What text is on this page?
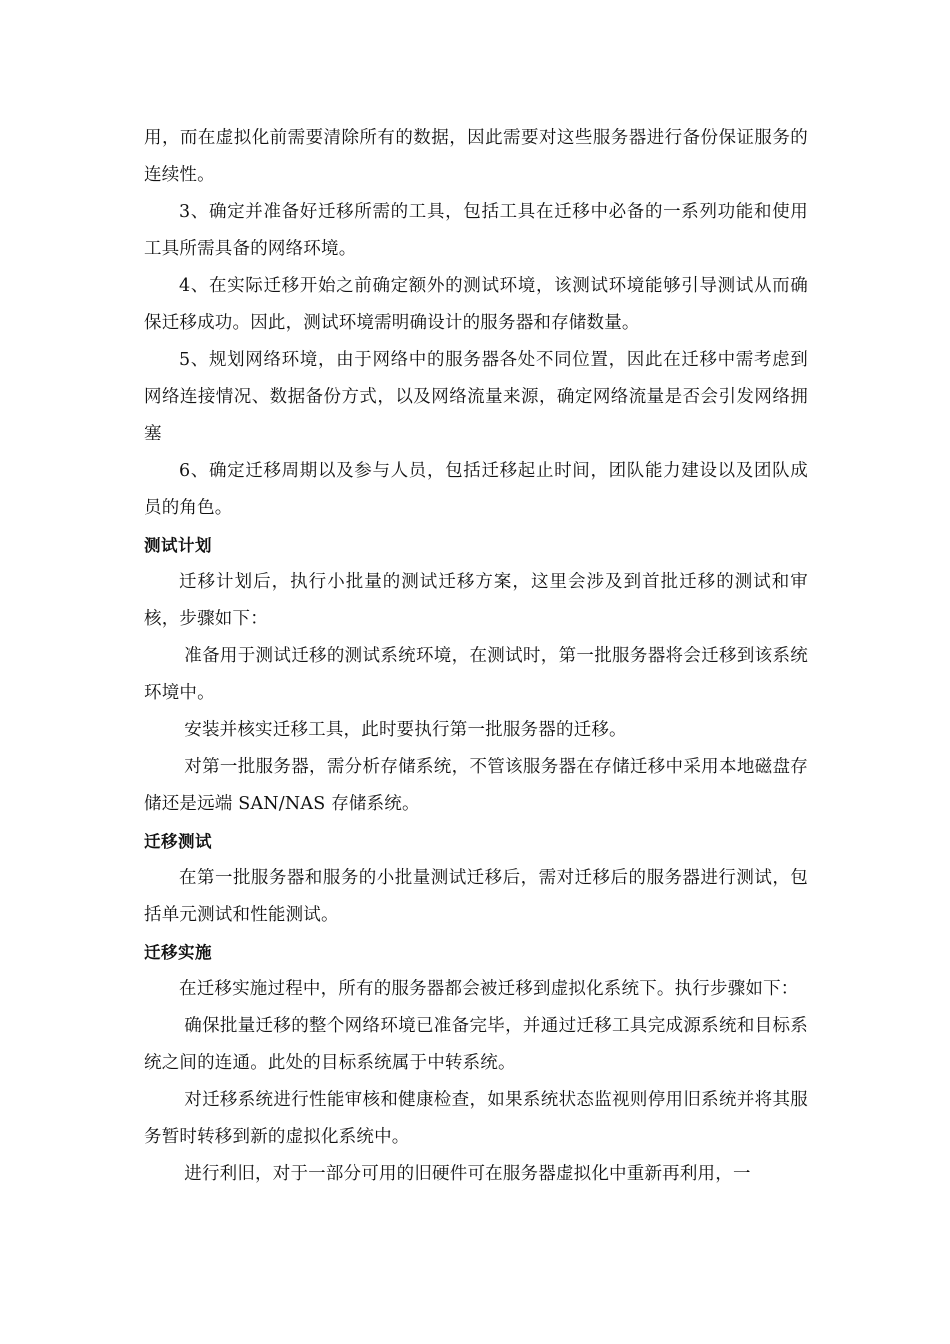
用，而在虚拟化前需要清除所有的数据，因此需要对这些服务器进行备份保证服务的连续性。

3、确定并准备好迁移所需的工具，包括工具在迁移中必备的一系列功能和使用工具所需具备的网络环境。

4、在实际迁移开始之前确定额外的测试环境，该测试环境能够引导测试从而确保迁移成功。因此，测试环境需明确设计的服务器和存储数量。

5、规划网络环境，由于网络中的服务器各处不同位置，因此在迁移中需考虑到网络连接情况、数据备份方式，以及网络流量来源，确定网络流量是否会引发网络拥塞

6、确定迁移周期以及参与人员，包括迁移起止时间，团队能力建设以及团队成员的角色。

测试计划

迁移计划后，执行小批量的测试迁移方案，这里会涉及到首批迁移的测试和审核，步骤如下：

准备用于测试迁移的测试系统环境，在测试时，第一批服务器将会迁移到该系统环境中。

安装并核实迁移工具，此时要执行第一批服务器的迁移。

对第一批服务器，需分析存储系统，不管该服务器在存储迁移中采用本地磁盘存储还是远端 SAN/NAS 存储系统。

迁移测试

在第一批服务器和服务的小批量测试迁移后，需对迁移后的服务器进行测试，包括单元测试和性能测试。

迁移实施

在迁移实施过程中，所有的服务器都会被迁移到虚拟化系统下。执行步骤如下：

确保批量迁移的整个网络环境已准备完毕，并通过迁移工具完成源系统和目标系统之间的连通。此处的目标系统属于中转系统。

对迁移系统进行性能审核和健康检查，如果系统状态监视则停用旧系统并将其服务暂时转移到新的虚拟化系统中。

进行利旧，对于一部分可用的旧硬件可在服务器虚拟化中重新再利用，一
